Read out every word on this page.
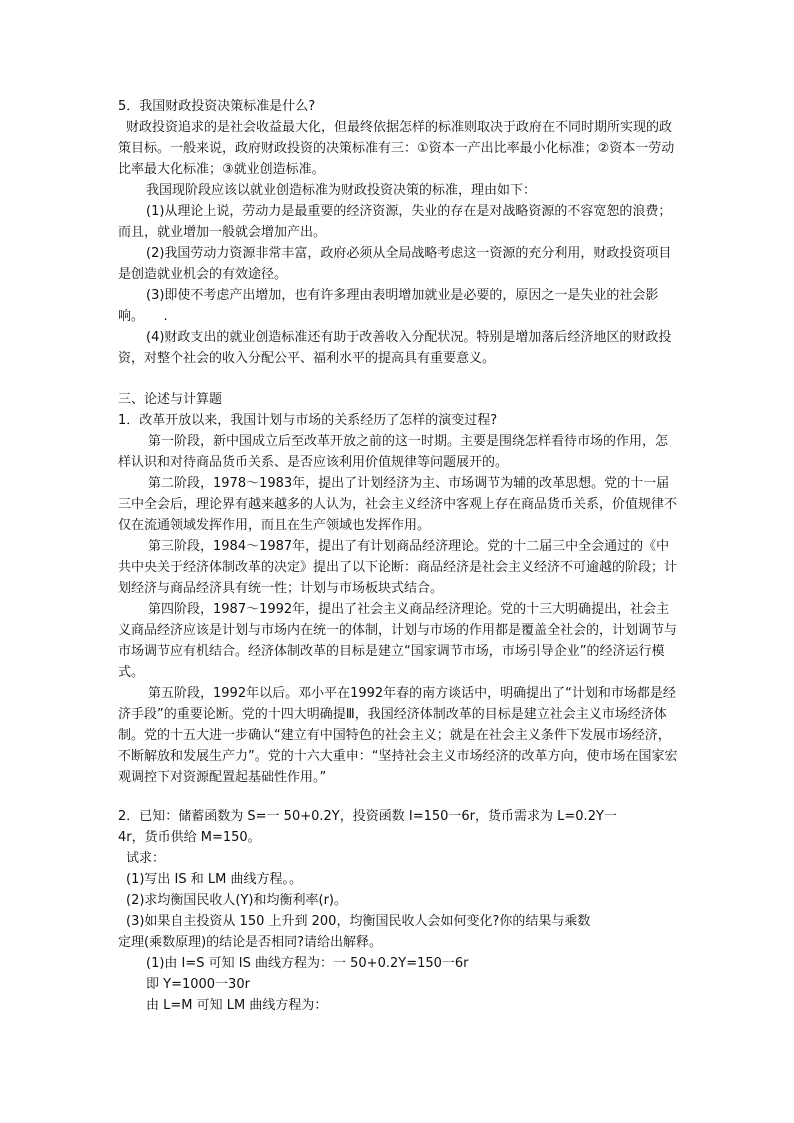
5．我国财政投资决策标准是什么?

财政投资追求的是社会收益最大化，但最终依据怎样的标准则取决于政府在不同时期所实现的政策目标。一般来说，政府财政投资的决策标准有三：①资本一产出比率最小化标准；②资本一劳动比率最大化标准；③就业创造标准。

我国现阶段应该以就业创造标准为财政投资决策的标准，理由如下：

(1)从理论上说，劳动力是最重要的经济资源，失业的存在是对战略资源的不容宽恕的浪费；而且，就业增加一般就会增加产出。

(2)我国劳动力资源非常丰富，政府必须从全局战略考虑这一资源的充分利用，财政投资项目是创造就业机会的有效途径。

(3)即使不考虑产出增加，也有许多理由表明增加就业是必要的，原因之一是失业的社会影响。　　.

(4)财政支出的就业创造标准还有助于改善收入分配状况。特别是增加落后经济地区的财政投资，对整个社会的收入分配公平、福利水平的提高具有重要意义。

三、论述与计算题

1．改革开放以来，我国计划与市场的关系经历了怎样的演变过程?

第一阶段，新中国成立后至改革开放之前的这一时期。主要是围绕怎样看待市场的作用，怎样认识和对待商品货币关系、是否应该利用价值规律等问题展开的。

第二阶段，1978～1983年，提出了计划经济为主、市场调节为辅的改革思想。党的十一届三中全会后，理论界有越来越多的人认为，社会主义经济中客观上存在商品货币关系，价值规律不仅在流通领域发挥作用，而且在生产领域也发挥作用。

第三阶段，1984～1987年，提出了有计划商品经济理论。党的十二届三中全会通过的《中共中央关于经济体制改革的决定》提出了以下论断：商品经济是社会主义经济不可逾越的阶段；计划经济与商品经济具有统一性；计划与市场板块式结合。

第四阶段，1987～1992年，提出了社会主义商品经济理论。党的十三大明确提出，社会主义商品经济应该是计划与市场内在统一的体制，计划与市场的作用都是覆盖全社会的，计划调节与市场调节应有机结合。经济体制改革的目标是建立“国家调节市场，市场引导企业”的经济运行模式。

第五阶段，1992年以后。邓小平在1992年春的南方谈话中，明确提出了“计划和市场都是经济手段”的重要论断。党的十四大明确提Ⅲ，我国经济体制改革的目标是建立社会主义市场经济体制。党的十五大进一步确认“建立有中国特色的社会主义；就是在社会主义条件下发展市场经济，不断解放和发展生产力”。党的十六大重申：“坚持社会主义市场经济的改革方向，使市场在国家宏观调控下对资源配置起基础性作用。”

2．已知：储蓄函数为 S=一 50+0.2Y，投资函数 I=150一6r，货币需求为 L=0.2Y一

4r，货币供给 M=150。

试求：

(1)写出 IS 和 LM 曲线方程。。

(2)求均衡国民收人(Y)和均衡利率(r)。

(3)如果自主投资从 150 上升到 200，均衡国民收人会如何变化?你的结果与乘数

定理(乘数原理)的结论是否相同?请给出解释。

(1)由 I=S 可知 IS 曲线方程为：一 50+0.2Y=150一6r

即 Y=1000一30r

由 L=M 可知 LM 曲线方程为：
